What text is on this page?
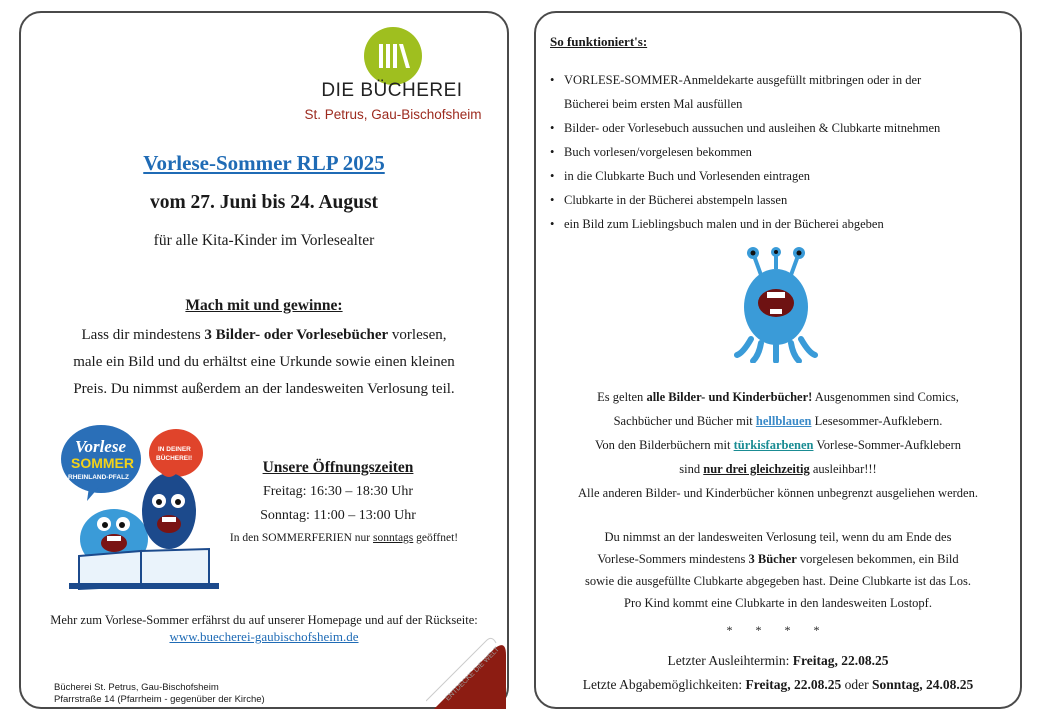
DIE BÜCHEREI
St. Petrus, Gau-Bischofsheim
Vorlese-Sommer RLP 2025
vom 27. Juni bis 24. August
für alle Kita-Kinder im Vorlesealter
Mach mit und gewinne:
Lass dir mindestens 3 Bilder- oder Vorlesebücher vorlesen,
male ein Bild und du erhältst eine Urkunde sowie einen kleinen
Preis. Du nimmst außerdem an der landesweiten Verlosung teil.
Vorlese
SOMMER
RHEINLAND-PFALZ
IN DEINER
BÜCHEREI!
Unsere Öffnungszeiten
Freitag: 16:30 – 18:30 Uhr
Sonntag: 11:00 – 13:00 Uhr
In den SOMMERFERIEN nur sonntags geöffnet!
Mehr zum Vorlese-Sommer erfährst du auf unserer Homepage und auf der Rückseite:
www.buecherei-gaubischofsheim.de
Bücherei St. Petrus, Gau-Bischofsheim
Pfarrstraße 14 (Pfarrheim - gegenüber der Kirche)	ENTDECKE DIE WELT
So funktioniert's:
• VORLESE-SOMMER-Anmeldekarte ausgefüllt mitbringen oder in der
Bücherei beim ersten Mal ausfüllen
• Bilder- oder Vorlesebuch aussuchen und ausleihen & Clubkarte mitnehmen
• Buch vorlesen/vorgelesen bekommen
• in die Clubkarte Buch und Vorlesenden eintragen
• Clubkarte in der Bücherei abstempeln lassen
• ein Bild zum Lieblingsbuch malen und in der Bücherei abgeben
Es gelten alle Bilder- und Kinderbücher! Ausgenommen sind Comics,
Sachbücher und Bücher mit hellblauen Lesesommer-Aufklebern.
Von den Bilderbüchern mit türkisfarbenen Vorlese-Sommer-Aufklebern
sind nur drei gleichzeitig ausleihbar!!!
Alle anderen Bilder- und Kinderbücher können unbegrenzt ausgeliehen werden.
Du nimmst an der landesweiten Verlosung teil, wenn du am Ende des
Vorlese-Sommers mindestens 3 Bücher vorgelesen bekommen, ein Bild
sowie die ausgefüllte Clubkarte abgegeben hast. Deine Clubkarte ist das Los.
Pro Kind kommt eine Clubkarte in den landesweiten Lostopf.
* * * *
Letzter Ausleihtermin: Freitag, 22.08.25
Letzte Abgabemöglichkeiten: Freitag, 22.08.25 oder Sonntag, 24.08.25
